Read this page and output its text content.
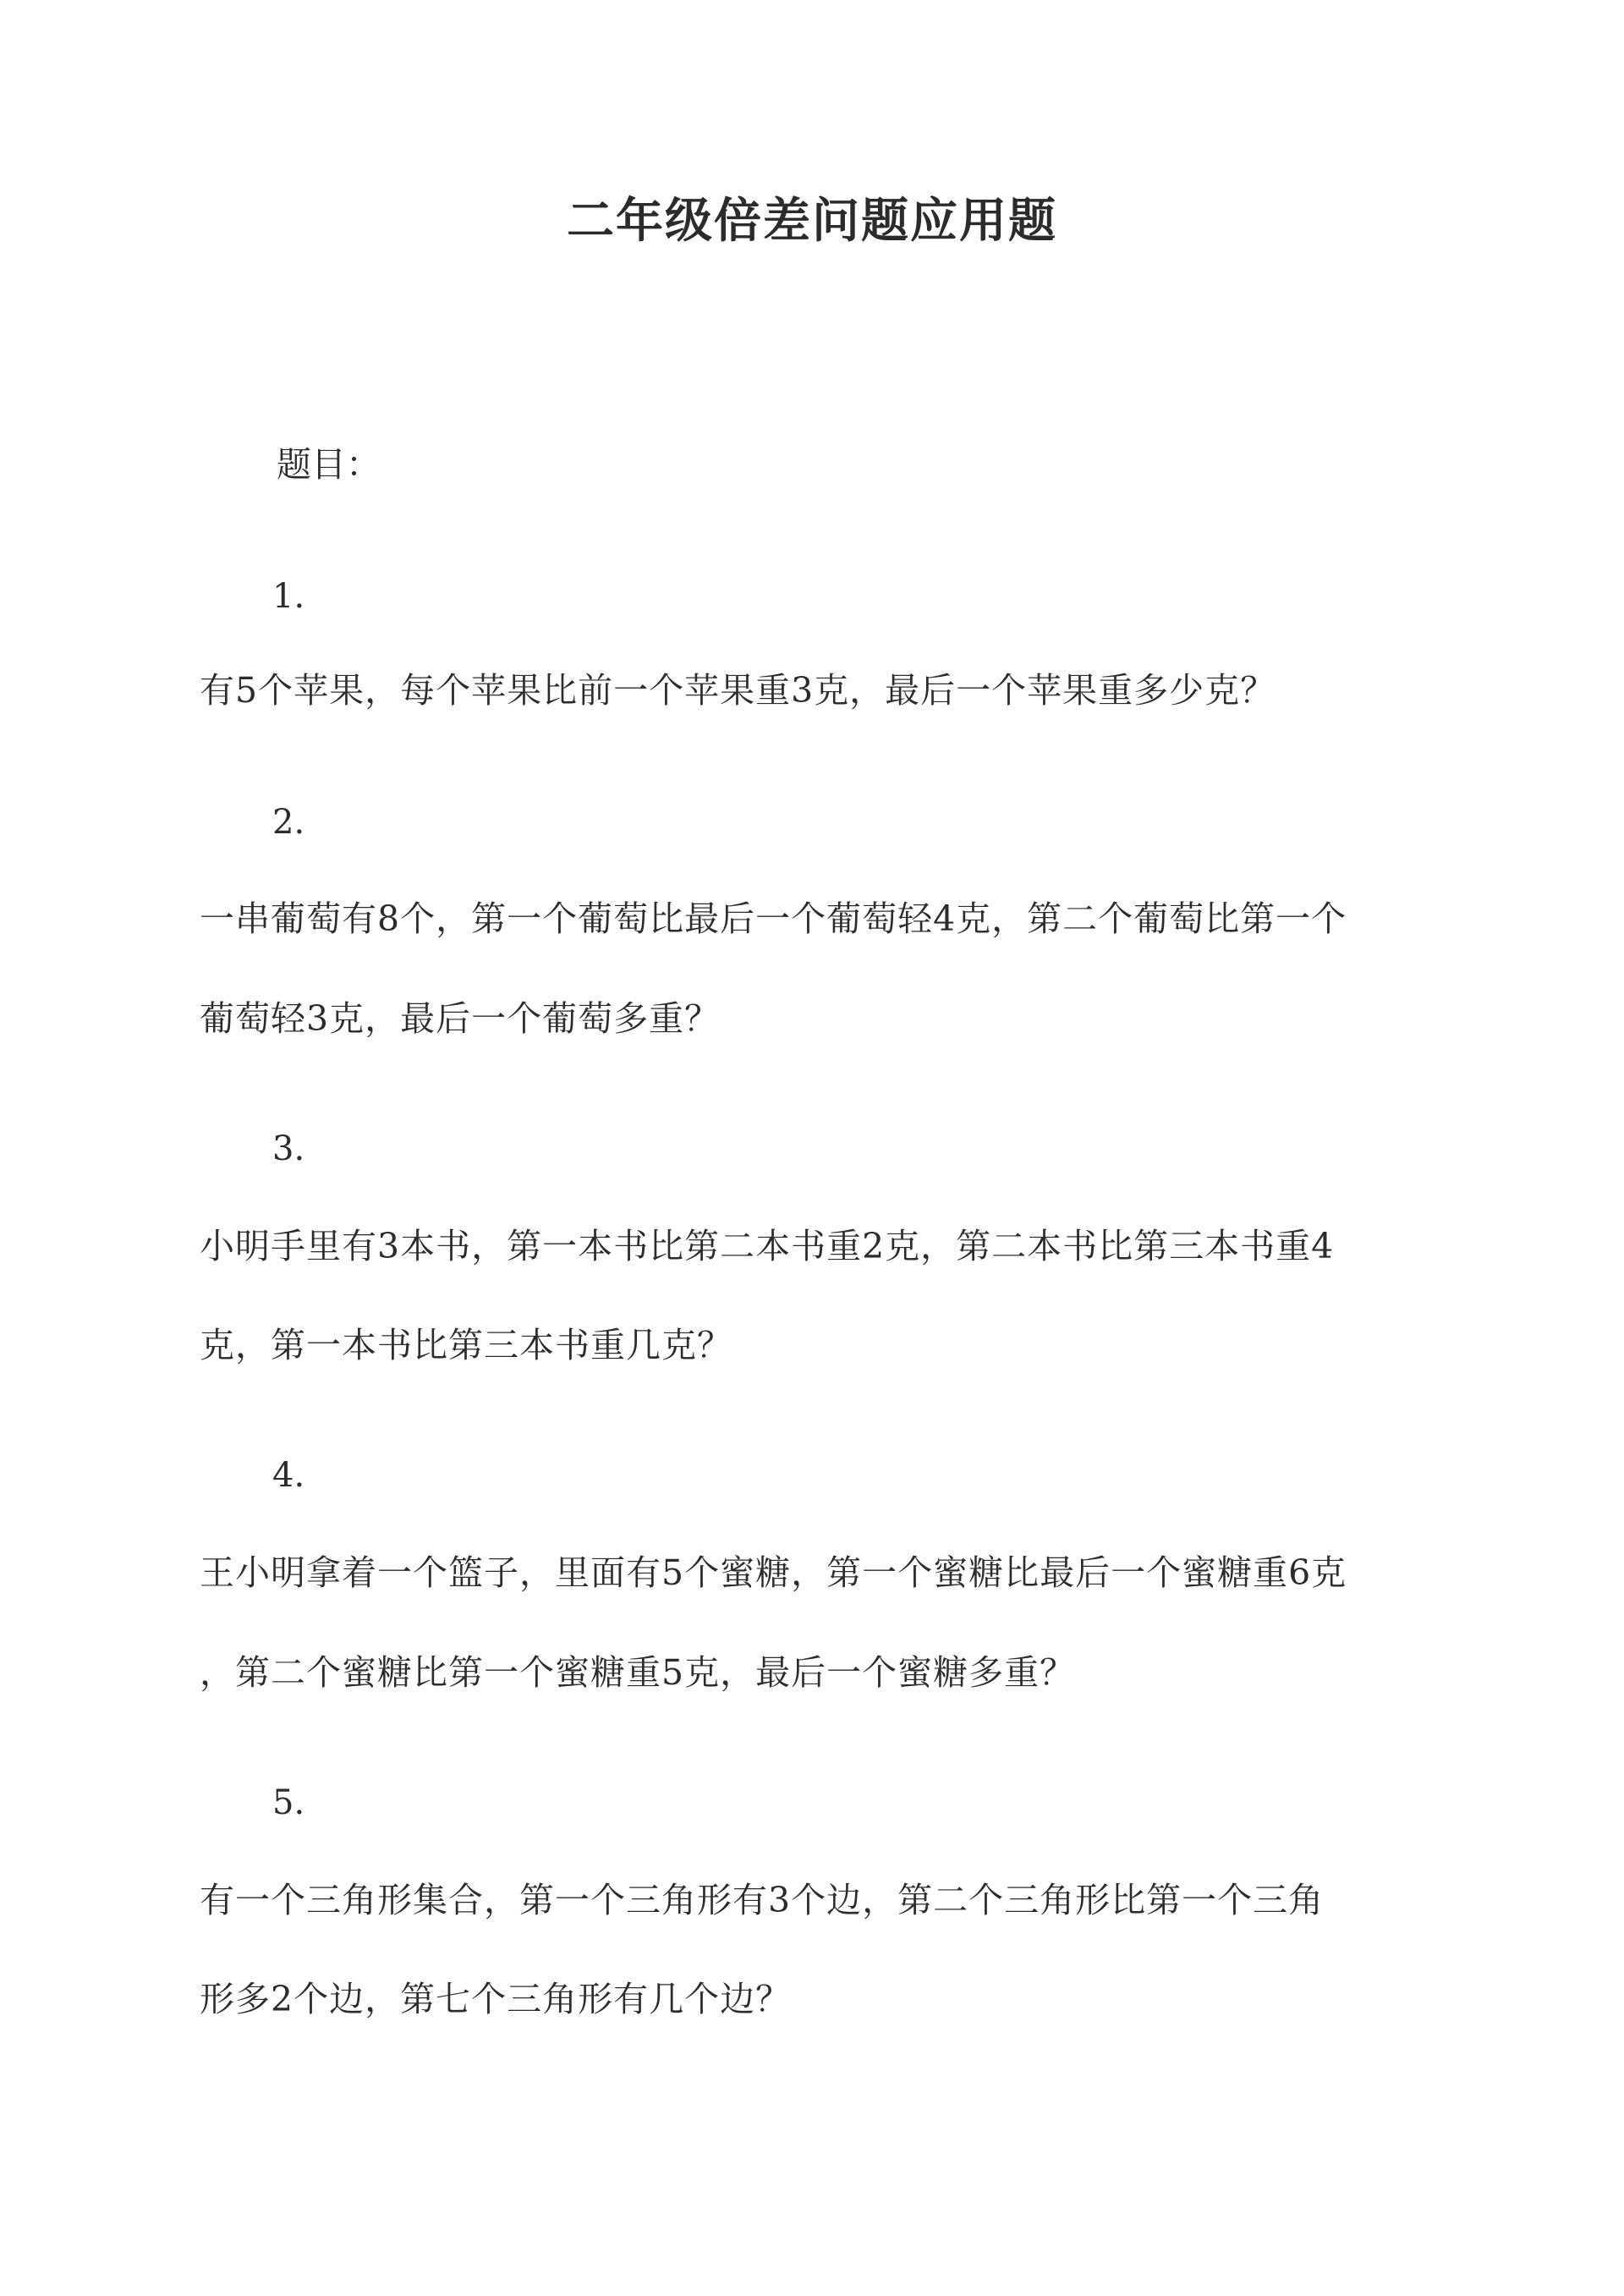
二年级倍差问题应用题

题目：

1.

有5个苹果，每个苹果比前一个苹果重3克，最后一个苹果重多少克？

2.

一串葡萄有8个，第一个葡萄比最后一个葡萄轻4克，第二个葡萄比第一个

葡萄轻3克，最后一个葡萄多重？

3.

小明手里有3本书，第一本书比第二本书重2克，第二本书比第三本书重4

克，第一本书比第三本书重几克？

4.

王小明拿着一个篮子，里面有5个蜜糖，第一个蜜糖比最后一个蜜糖重6克

，第二个蜜糖比第一个蜜糖重5克，最后一个蜜糖多重？

5.

有一个三角形集合，第一个三角形有3个边，第二个三角形比第一个三角

形多2个边，第七个三角形有几个边？
